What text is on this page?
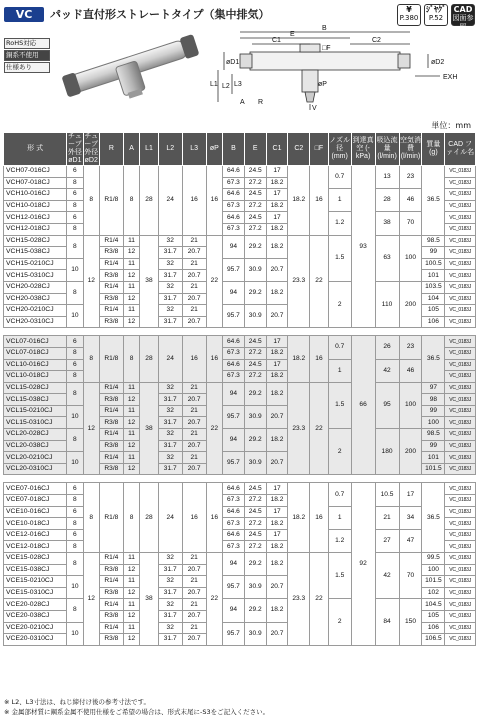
VC	パッド直付形ストレートタイプ（集中排気）	¥
P.380
ｼﾞﾔｸﾞ
P.52
CAD
図面参照
RoHS対応
銅系不使用
仕様あり
B
E
C1	C2
□F
L1 L2 L3
A R
øD1	øD2
øP
EXH
V
単位：mm
形 式	チューブ外径 øD1	チューブ外径 øD2	R	A	L1	L2	L3	øP	B	E	C1	C2	□F	ノズル径 (mm)	到達真空 (-kPa)	吸込流量 (l/min)	空気消費 (l/min)	質量 (g)	CAD ファイル名
VCH07-016CJ	6	8	R1/8	8	28	24	16	16	64.6	24.5	17	18.2	16	0.7	93	13	23	36.5	VC_0183J
VCH07-018CJ	8								67.3	27.2	18.2								VC_0183J
VCH10-016CJ	6								64.6	24.5	17			1		28	46		VC_0183J
VCH10-018CJ	8								67.3	27.2	18.2								VC_0183J
VCH12-016CJ	6								64.6	24.5	17			1.2		38	70		VC_0183J
VCH12-018CJ	8								67.3	27.2	18.2								VC_0183J
VCH15-028CJ	8	12	R1/4	11	38	32	21	22	94	29.2	18.2	23.3	22	1.5		63	100	98.5	VC_0183J
VCH15-038CJ			R3/8	12		31.7	20.7											99	VC_0183J
VCH15-0210CJ	10		R1/4	11		32	21		95.7	30.9	20.7							100.5	VC_0183J
VCH15-0310CJ			R3/8	12		31.7	20.7											101	VC_0183J
VCH20-028CJ	8		R1/4	11		32	21		94	29.2	18.2			2		110	200	103.5	VC_0183J
VCH20-038CJ			R3/8	12		31.7	20.7											104	VC_0183J
VCH20-0210CJ	10		R1/4	11		32	21		95.7	30.9	20.7							105	VC_0183J
VCH20-0310CJ			R3/8	12		31.7	20.7											106	VC_0183J

VCL07-016CJ	6	8	R1/8	8	28	24	16	16	64.6	24.5	17	18.2	16	0.7	66	26	23	36.5	VC_0183J
VCL07-018CJ	8								67.3	27.2	18.2								VC_0183J
VCL10-016CJ	6								64.6	24.5	17			1		42	46		VC_0183J
VCL10-018CJ	8								67.3	27.2	18.2								VC_0183J
VCL15-028CJ	8	12	R1/4	11	38	32	21	22	94	29.2	18.2	23.3	22	1.5		95	100	97	VC_0183J
VCL15-038CJ			R3/8	12		31.7	20.7											98	VC_0183J
VCL15-0210CJ	10		R1/4	11		32	21		95.7	30.9	20.7							99	VC_0183J
VCL15-0310CJ			R3/8	12		31.7	20.7											100	VC_0183J
VCL20-028CJ	8		R1/4	11		32	21		94	29.2	18.2			2		180	200	98.5	VC_0183J
VCL20-038CJ			R3/8	12		31.7	20.7											99	VC_0183J
VCL20-0210CJ	10		R1/4	11		32	21		95.7	30.9	20.7							101	VC_0183J
VCL20-0310CJ			R3/8	12		31.7	20.7											101.5	VC_0183J

VCE07-016CJ	6	8	R1/8	8	28	24	16	16	64.6	24.5	17	18.2	16	0.7	92	10.5	17	36.5	VC_0183J
VCE07-018CJ	8								67.3	27.2	18.2								VC_0183J
VCE10-016CJ	6								64.6	24.5	17			1		21	34		VC_0183J
VCE10-018CJ	8								67.3	27.2	18.2								VC_0183J
VCE12-016CJ	6								64.6	24.5	17			1.2		27	47		VC_0183J
VCE12-018CJ	8								67.3	27.2	18.2								VC_0183J
VCE15-028CJ	8	12	R1/4	11	38	32	21	22	94	29.2	18.2	23.3	22	1.5		42	70	99.5	VC_0183J
VCE15-038CJ			R3/8	12		31.7	20.7											100	VC_0183J
VCE15-0210CJ	10		R1/4	11		32	21		95.7	30.9	20.7							101.5	VC_0183J
VCE15-0310CJ			R3/8	12		31.7	20.7											102	VC_0183J
VCE20-028CJ	8		R1/4	11		32	21		94	29.2	18.2			2		84	150	104.5	VC_0183J
VCE20-038CJ			R3/8	12		31.7	20.7											105	VC_0183J
VCE20-0210CJ	10		R1/4	11		32	21		95.7	30.9	20.7							106	VC_0183J
VCE20-0310CJ			R3/8	12		31.7	20.7											106.5	VC_0183J
※ L2、L3寸法は、ねじ締付け後の参考寸法です。
※ 金属部材質に鋼系金属不使用仕様をご希望の場合は、形式末尾に-S3をご記入ください。
